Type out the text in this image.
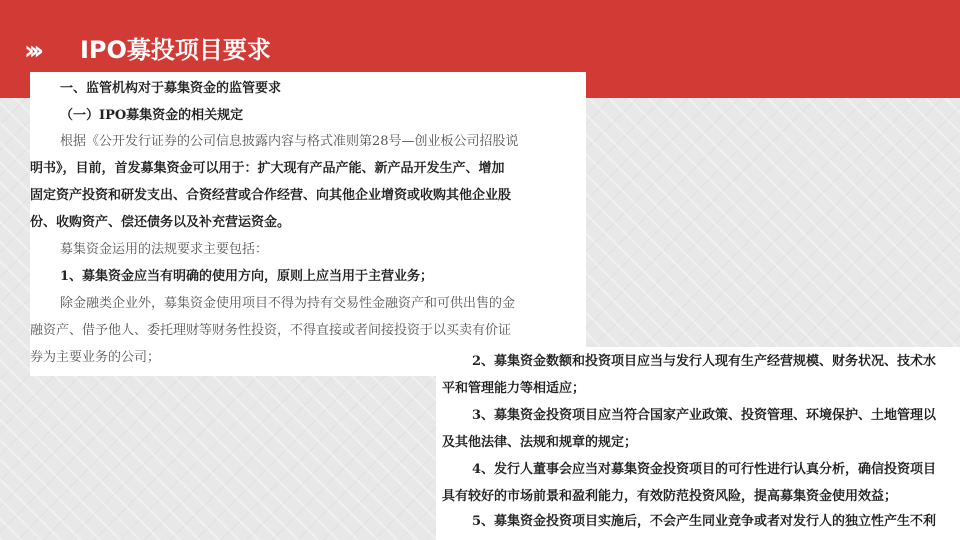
›››	IPO募投项目要求

一、监管机构对于募集资金的监管要求

（一）IPO募集资金的相关规定

根据《公开发行证券的公司信息披露内容与格式准则第28号—创业板公司招股说

明书》，目前，首发募集资金可以用于：扩大现有产品产能、新产品开发生产、增加

固定资产投资和研发支出、合资经营或合作经营、向其他企业增资或收购其他企业股

份、收购资产、偿还债务以及补充营运资金。

募集资金运用的法规要求主要包括：

1、募集资金应当有明确的使用方向，原则上应当用于主营业务；

除金融类企业外，募集资金使用项目不得为持有交易性金融资产和可供出售的金

融资产、借予他人、委托理财等财务性投资，不得直接或者间接投资于以买卖有价证

券为主要业务的公司；	2、募集资金数额和投资项目应当与发行人现有生产经营规模、财务状况、技术水

平和管理能力等相适应；

3、募集资金投资项目应当符合国家产业政策、投资管理、环境保护、土地管理以

及其他法律、法规和规章的规定；

4、发行人董事会应当对募集资金投资项目的可行性进行认真分析，确信投资项目

具有较好的市场前景和盈利能力，有效防范投资风险，提高募集资金使用效益；

5、募集资金投资项目实施后，不会产生同业竞争或者对发行人的独立性产生不利
